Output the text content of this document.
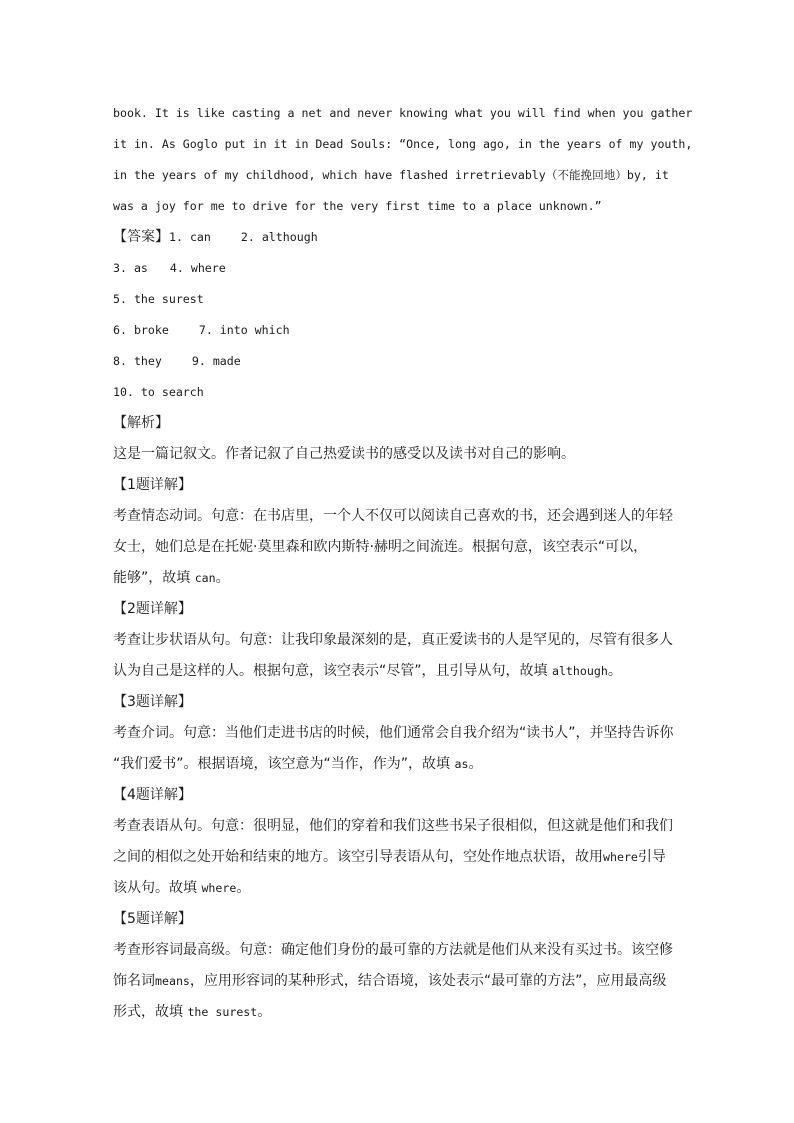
book. It is like casting a net and never knowing what you will find when you gather
it in. As Goglo put in it in Dead Souls: “Once, long ago, in the years of my youth,
in the years of my childhood, which have flashed irretrievably（不能挽回地）by, it
was a joy for me to drive for the very first time to a place unknown.”
【答案】1. can	2. although
3. as 4. where
5. the surest
6. broke	7. into which
8. they	9. made
10. to search
【解析】
这是一篇记叙文。作者记叙了自己热爱读书的感受以及读书对自己的影响。
【1题详解】
考查情态动词。句意：在书店里，一个人不仅可以阅读自己喜欢的书，还会遇到迷人的年轻
女士，她们总是在托妮·莫里森和欧内斯特·赫明之间流连。根据句意，该空表示“可以，
能够”，故填 can。
【2题详解】
考查让步状语从句。句意：让我印象最深刻的是，真正爱读书的人是罕见的，尽管有很多人
认为自己是这样的人。根据句意，该空表示“尽管”，且引导从句，故填 although。
【3题详解】
考查介词。句意：当他们走进书店的时候，他们通常会自我介绍为“读书人”，并坚持告诉你
“我们爱书”。根据语境，该空意为“当作，作为”，故填 as。
【4题详解】
考查表语从句。句意：很明显，他们的穿着和我们这些书呆子很相似，但这就是他们和我们
之间的相似之处开始和结束的地方。该空引导表语从句，空处作地点状语，故用where引导
该从句。故填 where。
【5题详解】
考查形容词最高级。句意：确定他们身份的最可靠的方法就是他们从来没有买过书。该空修
饰名词means，应用形容词的某种形式，结合语境，该处表示“最可靠的方法”，应用最高级
形式，故填 the surest。
